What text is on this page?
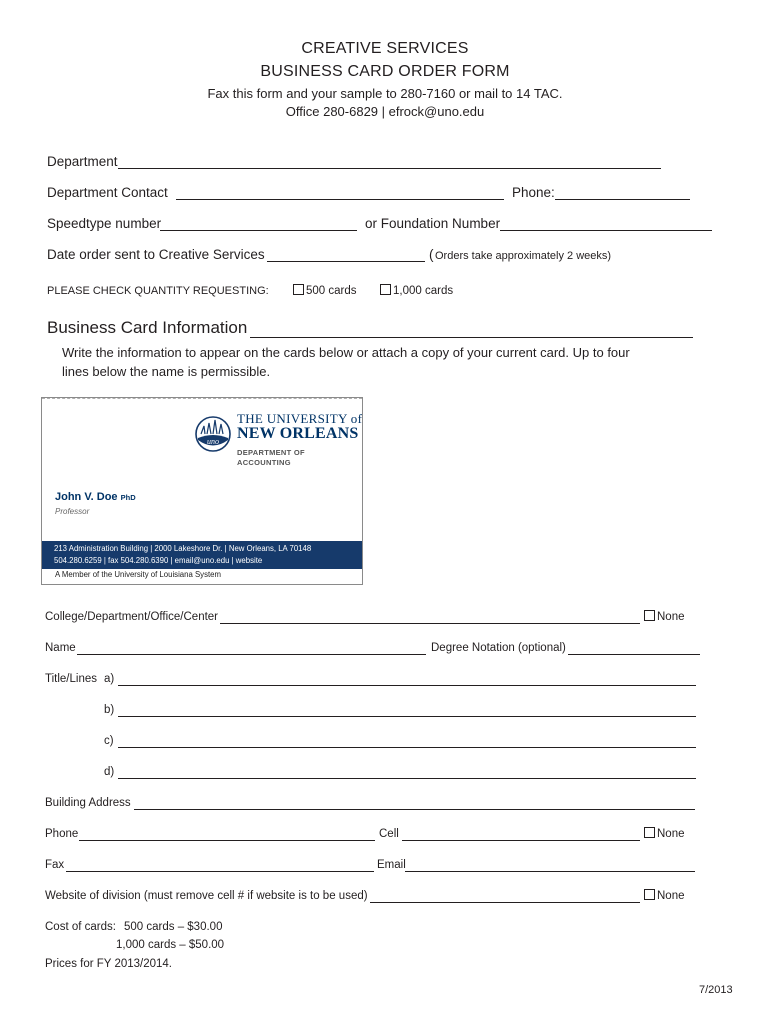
CREATIVE SERVICES
BUSINESS CARD ORDER FORM
Fax this form and your sample to 280-7160 or mail to 14 TAC.
Office 280-6829 | efrock@uno.edu
Department
Department Contact	Phone:
Speedtype number	or Foundation Number
Date order sent to Creative Services	( Orders take approximately 2 weeks)
PLEASE CHECK QUANTITY REQUESTING:	500 cards	1,000 cards
Business Card Information
Write the information to appear on the cards below or attach a copy of your current card. Up to four
lines below the name is permissible.
uno
THE UNIVERSITY of
NEW ORLEANS
DEPARTMENT OF
ACCOUNTING
John V. Doe PhD
Professor
213 Administration Building | 2000 Lakeshore Dr. | New Orleans, LA 70148
504.280.6259 | fax 504.280.6390 | email@uno.edu | website
A Member of the University of Louisiana System
College/Department/Office/Center	None
Name	Degree Notation (optional)
Title/Lines a)
b)
c)
d)
Building Address
Phone	Cell	None
Fax	Email
Website of division (must remove cell # if website is to be used)	None
Cost of cards: 500 cards – $30.00
1,000 cards – $50.00
Prices for FY 2013/2014.
7/2013
